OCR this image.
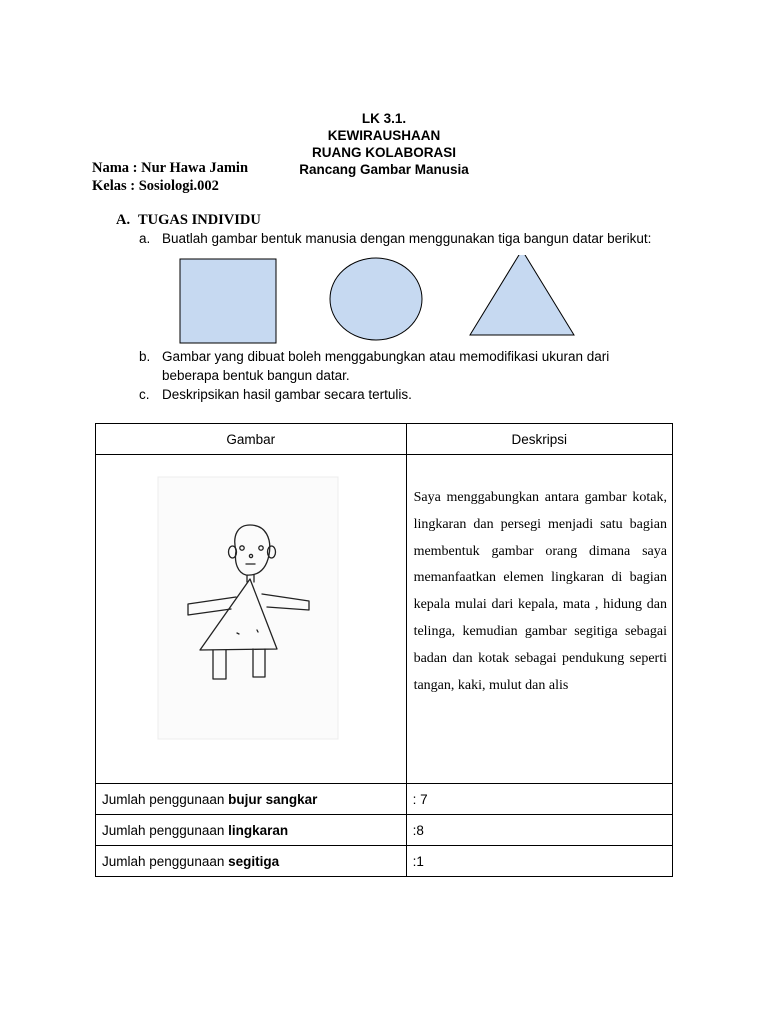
LK 3.1.
KEWIRAUSHAAN
RUANG KOLABORASI
Rancang Gambar Manusia
Nama : Nur Hawa Jamin
Kelas : Sosiologi.002
A. TUGAS INDIVIDU
a. Buatlah gambar bentuk manusia dengan menggunakan tiga bangun datar berikut:
b. Gambar yang dibuat boleh menggabungkan atau memodifikasi ukuran dari
beberapa bentuk bangun datar.
c. Deskripsikan hasil gambar secara tertulis.
Gambar	Deskripsi

Saya menggabungkan antara gambar kotak, lingkaran dan persegi menjadi satu bagian membentuk gambar orang dimana saya memanfaatkan elemen lingkaran di bagian kepala mulai dari kepala, mata , hidung dan telinga, kemudian gambar segitiga sebagai badan dan kotak sebagai pendukung seperti tangan, kaki, mulut dan alis

Jumlah penggunaan bujur sangkar	: 7
Jumlah penggunaan lingkaran	:8
Jumlah penggunaan segitiga	:1
